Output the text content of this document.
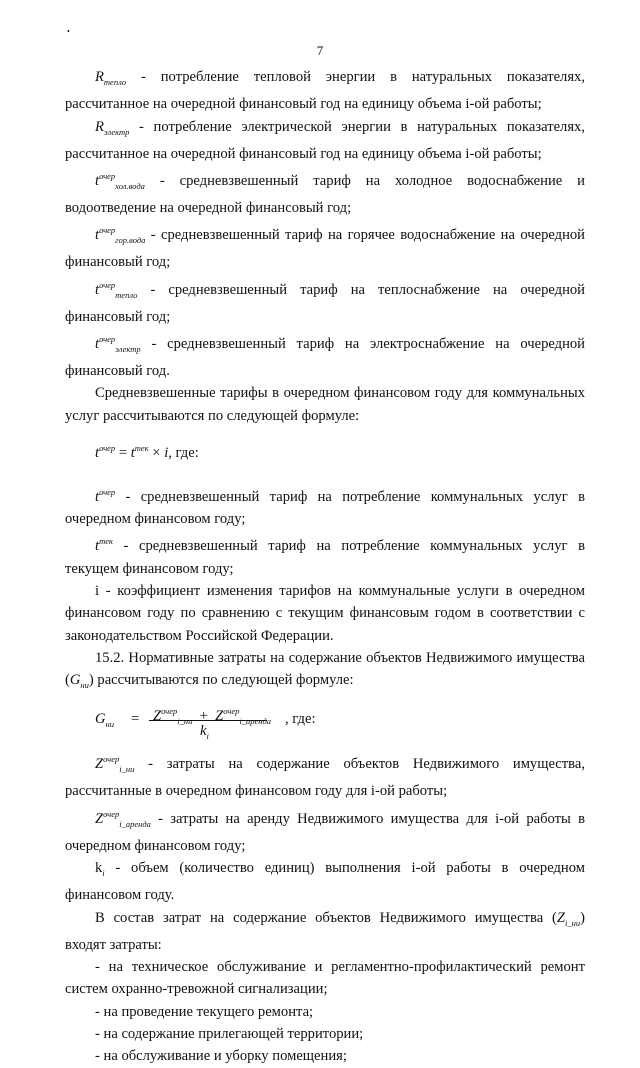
•
7

$R_{тепло}$ - потребление тепловой энергии в натуральных показателях, рассчитанное на очередной финансовый год на единицу объема i-ой работы;

$R_{электр}$ - потребление электрической энергии в натуральных показателях, рассчитанное на очередной финансовый год на единицу объема i-ой работы;

$t^{очер}_{хол.вода}$ - средневзвешенный тариф на холодное водоснабжение и водоотведение на очередной финансовый год;

$t^{очер}_{гор.вода}$ - средневзвешенный тариф на горячее водоснабжение на очередной финансовый год;

$t^{очер}_{тепло}$ - средневзвешенный тариф на теплоснабжение на очередной финансовый год;

$t^{очер}_{электр}$ - средневзвешенный тариф на электроснабжение на очередной финансовый год.

Средневзвешенные тарифы в очередном финансовом году для коммунальных услуг рассчитываются по следующей формуле:

$t^{очер} = t^{тек} \times i$, где:

$t^{очер}$ - средневзвешенный тариф на потребление коммунальных услуг в очередном финансовом году;

$t^{тек}$ - средневзвешенный тариф на потребление коммунальных услуг в текущем финансовом году;

i - коэффициент изменения тарифов на коммунальные услуги в очередном финансовом году по сравнению с текущим финансовым годом в соответствии с законодательством Российской Федерации.

15.2. Нормативные затраты на содержание объектов Недвижимого имущества $(G_{ни})$ рассчитываются по следующей формуле:

$G_{ни} = Z^{очер}_{i\_ни} + Z^{очер}_{i\_аренда}$
$k_i$
, где:

$Z^{очер}_{i\_ни}$ - затраты на содержание объектов Недвижимого имущества, рассчитанные в очередном финансовом году для i-ой работы;

$Z^{очер}_{i\_аренда}$ - затраты на аренду Недвижимого имущества для i-ой работы в очередном финансовом году;

$k_i$ - объем (количество единиц) выполнения i-ой работы в очередном финансовом году.

В состав затрат на содержание объектов Недвижимого имущества $(Z_{i\_ни})$ входят затраты:

- на техническое обслуживание и регламентно-профилактический ремонт систем охранно-тревожной сигнализации;

- на проведение текущего ремонта;

- на содержание прилегающей территории;

- на обслуживание и уборку помещения;
